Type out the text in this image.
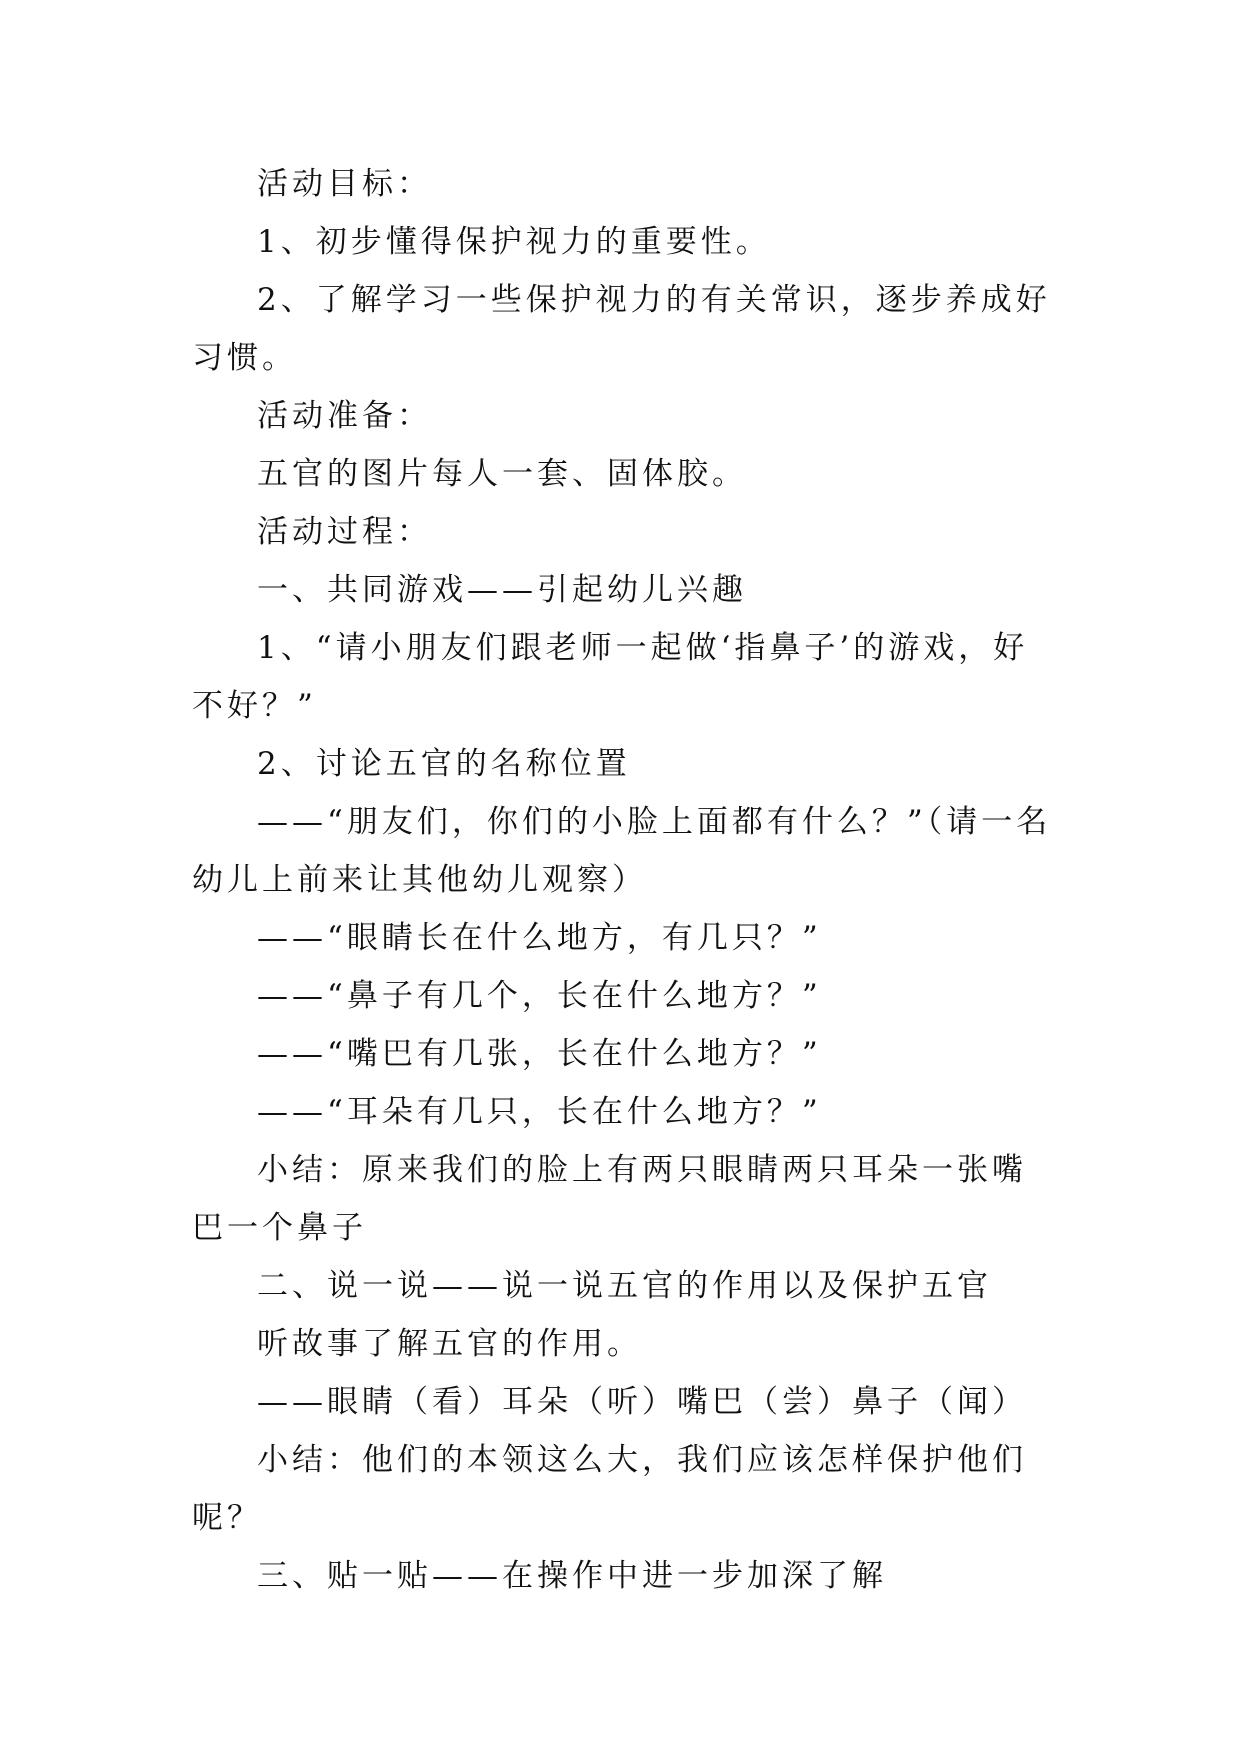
活动目标：

1、初步懂得保护视力的重要性。

2、了解学习一些保护视力的有关常识，逐步养成好习惯。

活动准备：

五官的图片每人一套、固体胶。

活动过程：

一、共同游戏——引起幼儿兴趣

1、“请小朋友们跟老师一起做‘指鼻子’的游戏，好不好？”

2、讨论五官的名称位置

——“朋友们，你们的小脸上面都有什么？”（请一名幼儿上前来让其他幼儿观察）

——“眼睛长在什么地方，有几只？”

——“鼻子有几个，长在什么地方？”

——“嘴巴有几张，长在什么地方？”

——“耳朵有几只，长在什么地方？”

小结：原来我们的脸上有两只眼睛两只耳朵一张嘴巴一个鼻子

二、说一说——说一说五官的作用以及保护五官

听故事了解五官的作用。

——眼睛（看）耳朵（听）嘴巴（尝）鼻子（闻）

小结：他们的本领这么大，我们应该怎样保护他们呢？

三、贴一贴——在操作中进一步加深了解
